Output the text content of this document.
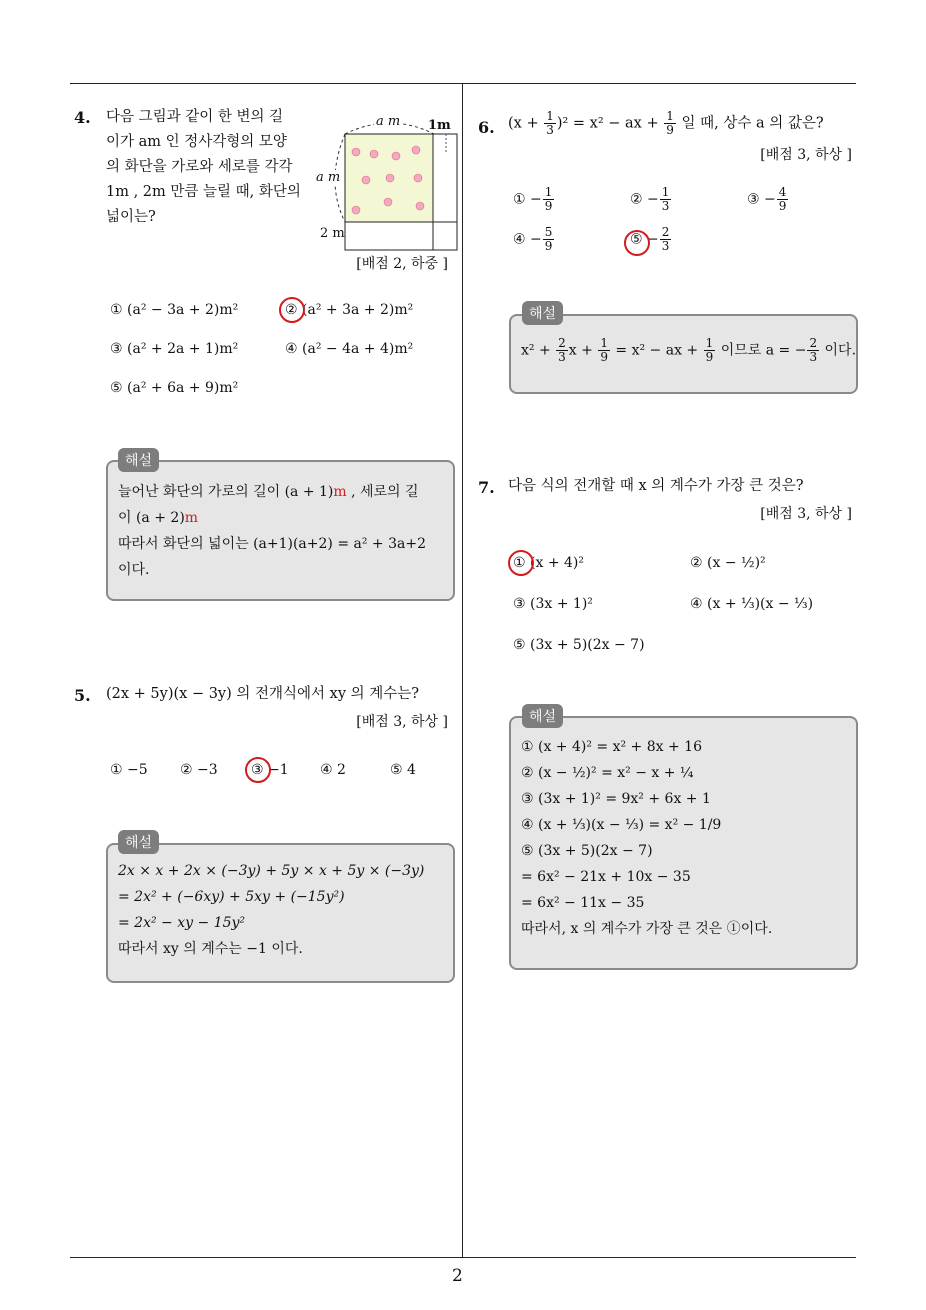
4. 다음 그림과 같이 한 변의 길
이가 am 인 정사각형의 모양
의 화단을 가로와 세로를 각각
1m , 2m 만큼 늘릴 때, 화단의
넓이는?
a m 1m
a m
2 m
[배점 2, 하중 ]
① (a² − 3a + 2)m²	② (a² + 3a + 2)m²
③ (a² + 2a + 1)m²	④ (a² − 4a + 4)m²
⑤ (a² + 6a + 9)m²
해설
늘어난 화단의 가로의 길이 (a + 1)m , 세로의 길
이 (a + 2)m
따라서 화단의 넓이는 (a+1)(a+2) = a² + 3a+2
이다.
5. (2x + 5y)(x − 3y) 의 전개식에서 xy 의 계수는?
[배점 3, 하상 ]
① −5 ② −3 ③ −1 ④ 2	⑤ 4
해설
2x × x + 2x × (−3y) + 5y × x + 5y × (−3y)
= 2x² + (−6xy) + 5xy + (−15y²)
= 2x² − xy − 15y²
따라서 xy 의 계수는 −1 이다.
6. $(x + \frac{1}{3} )^2 = x^2$ − ax + $\frac{1}{9}$ 일 때, 상수 a 의 값은?
[배점 3, 하상 ]
① − $\frac{1}{9}$	② − $\frac{1}{3}$	③ − $\frac{4}{9}$
④ − $\frac{5}{9}$	⑤ − $\frac{2}{3}$
해설
$x^2 + \frac{2}{3}$ $x + \frac{1}{9} = x^2$ − ax + $\frac{1}{9}$ 이므로 a = − $\frac{2}{3}$ 이다.
7. 다음 식의 전개할 때 x 의 계수가 가장 큰 것은?
[배점 3, 하상 ]
① (x + 4)²	② (x − ½)²
③ (3x + 1)²	④ (x + ⅓)(x − ⅓)
⑤ (3x + 5)(2x − 7)
해설
① (x + 4)² = x² + 8x + 16
② (x − ½)² = x² − x + ¼
③ (3x + 1)² = 9x² + 6x + 1
④ (x + ⅓)(x − ⅓) = x² − 1/9
⑤ (3x + 5)(2x − 7)
= 6x² − 21x + 10x − 35
= 6x² − 11x − 35
따라서, x 의 계수가 가장 큰 것은 ①이다.
2
